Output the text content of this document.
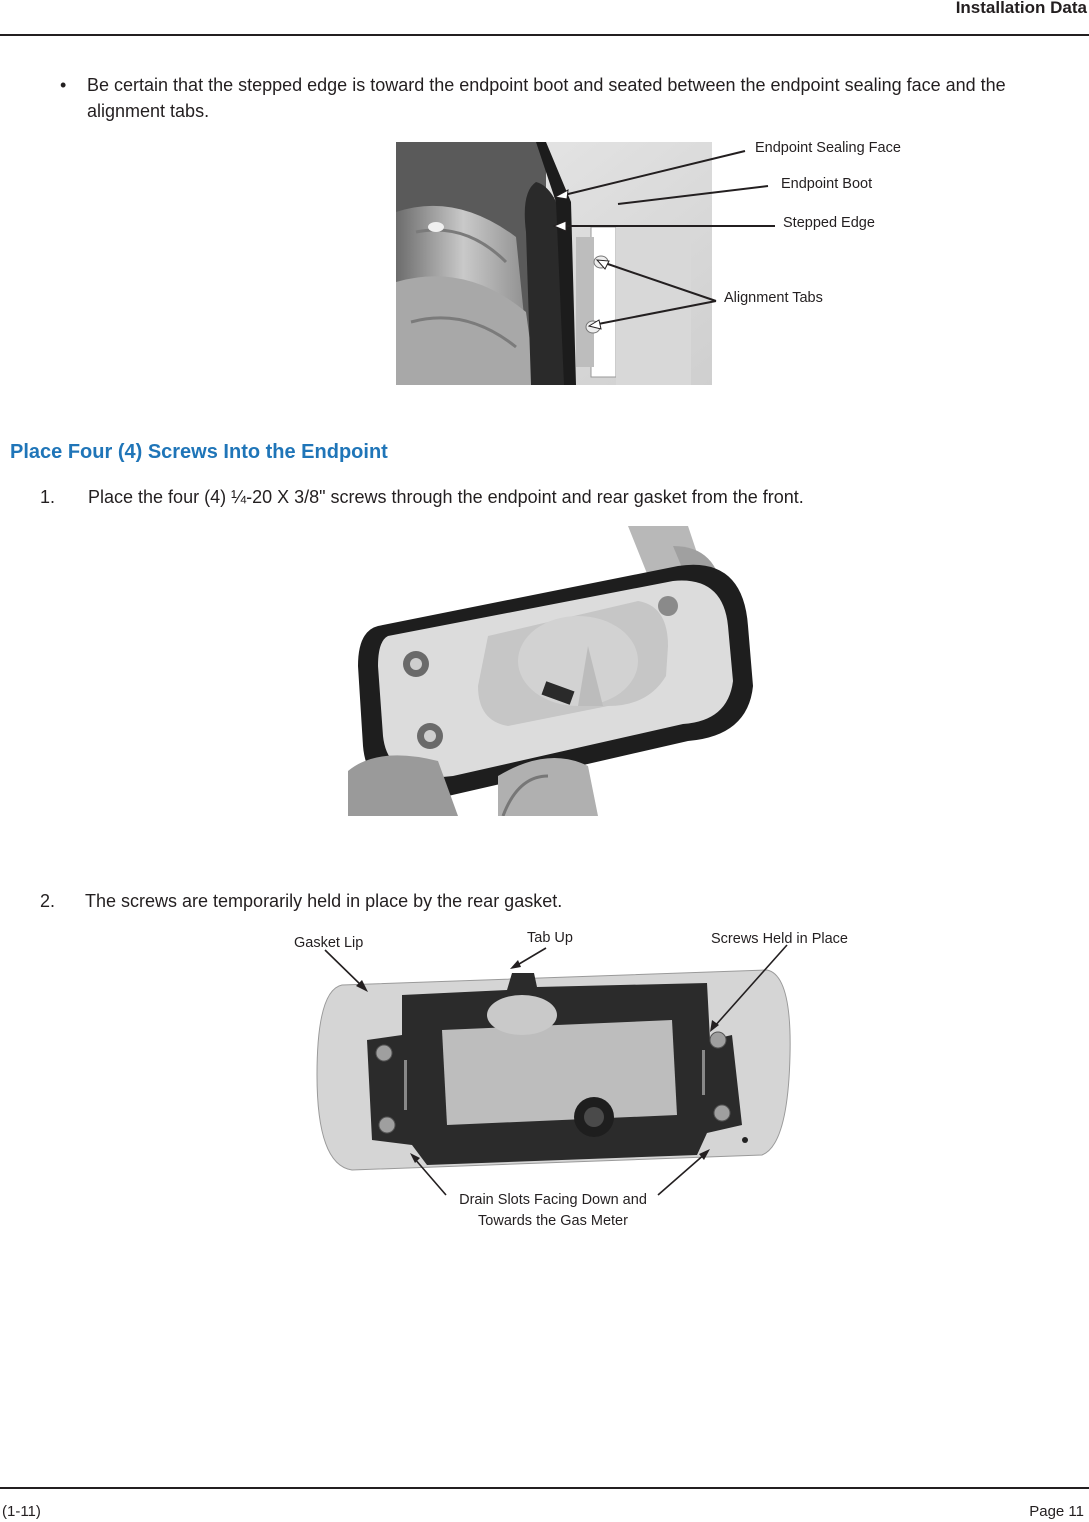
Installation Data
• Be certain that the stepped edge is toward the endpoint boot and seated between the endpoint sealing face and the alignment tabs.
Endpoint Sealing Face
Endpoint Boot
Stepped Edge
Alignment Tabs
Place Four (4) Screws Into the Endpoint
1. Place the four (4) ¼-20 X 3/8" screws through the endpoint and rear gasket from the front.
2. The screws are temporarily held in place by the rear gasket.
Gasket Lip	Tab Up	Screws Held in Place
Drain Slots Facing Down and
Towards the Gas Meter
(1-11)	Page 11
